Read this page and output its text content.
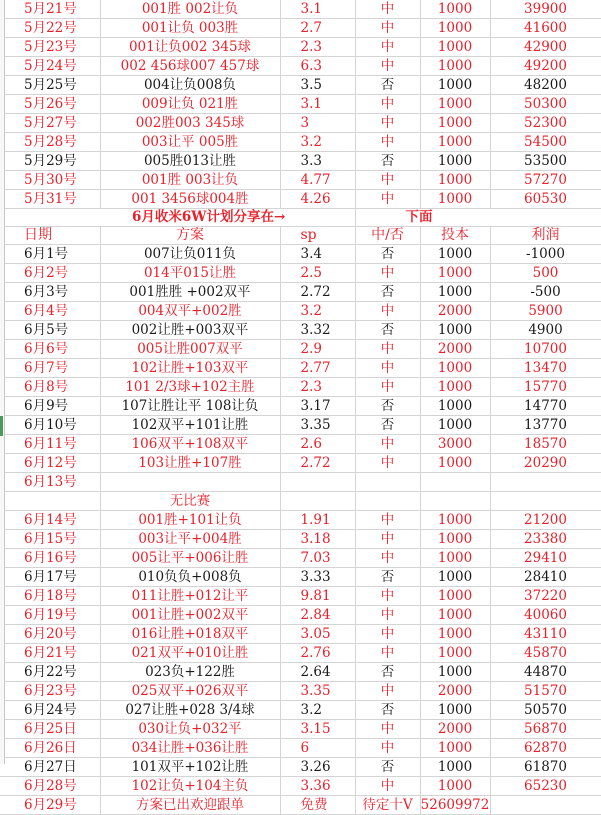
5月21号	001胜 002让负	3.1	中	1000	39900
5月22号	001让负 003胜	2.7	中	1000	41600
5月23号	001让负002 345球	2.3	中	1000	42900
5月24号	002 456球007 457球	6.3	中	1000	49200
5月25号	004让负008负	3.5	否	1000	48200
5月26号	009让负 021胜	3.1	中	1000	50300
5月27号	002胜003 345球	3	中	1000	52300
5月28号	003让平 005胜	3.2	中	1000	54500
5月29号	005胜013让胜	3.3	否	1000	53500
5月30号	001胜 003让负	4.77	中	1000	57270
5月31号	001 3456球004胜	4.26	中	1000	60530
6月收米6W计划分享在→			下面		
日期	方案	sp	中/否	投本	利润
6月1号	007让负011负	3.4	否	1000	-1000
6月2号	014平015让胜	2.5	中	1000	500
6月3号	001胜胜 +002双平	2.72	否	1000	-500
6月4号	004双平+002胜	3.2	中	2000	5900
6月5号	002让胜+003双平	3.32	否	1000	4900
6月6号	005让胜007双平	2.9	中	2000	10700
6月7号	102让胜+103双平	2.77	中	1000	13470
6月8号	101 2/3球+102主胜	2.3	中	1000	15770
6月9号	107让胜让平 108让负	3.17	否	1000	14770
6月10号	102双平+101让胜	3.35	否	1000	13770
6月11号	106双平+108双平	2.6	中	3000	18570
6月12号	103让胜+107胜	2.72	中	1000	20290
6月13号					
	无比赛				
6月14号	001胜+101让负	1.91	中	1000	21200
6月15号	003让平+004胜	3.18	中	1000	23380
6月16号	005让平+006让胜	7.03	中	1000	29410
6月17号	010负负+008负	3.33	否	1000	28410
6月18号	011让胜+012让平	9.81	中	1000	37220
6月19号	001让胜+002双平	2.84	中	1000	40060
6月20号	016让胜+018双平	3.05	中	1000	43110
6月21号	021双平+010让胜	2.76	中	1000	45870
6月22号	023负+122胜	2.64	否	1000	44870
6月23号	025双平+026双平	3.35	中	2000	51570
6月24号	027让胜+028 3/4球	3.2	否	1000	50570
6月25日	030让负+032平	3.15	中	2000	56870
6月26日	034让胜+036让胜	6	中	1000	62870
6月27日	101双平+102让胜	3.26	否	1000	61870
6月28号	102让负+104主负	3.36	中	1000	65230
6月29号	方案已出欢迎跟单	免费	待定十V	52609972	
